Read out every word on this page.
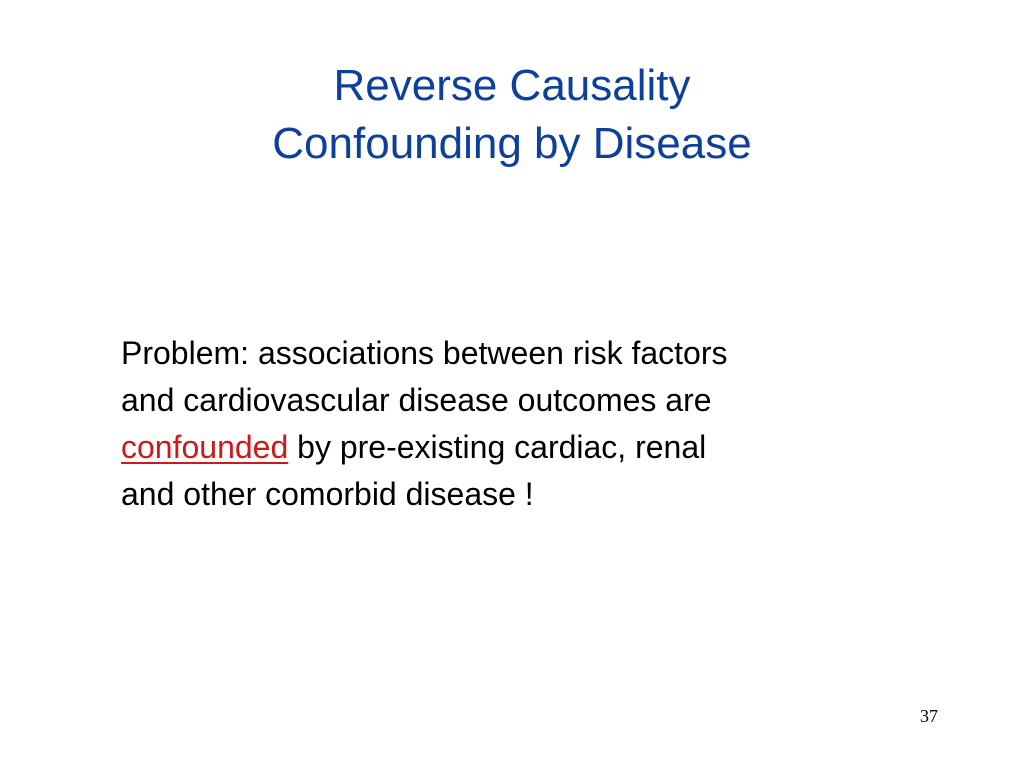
Reverse Causality
Confounding by Disease

Problem: associations between risk factors
and cardiovascular disease outcomes are
confounded by pre-existing cardiac, renal
and other comorbid disease !

37
